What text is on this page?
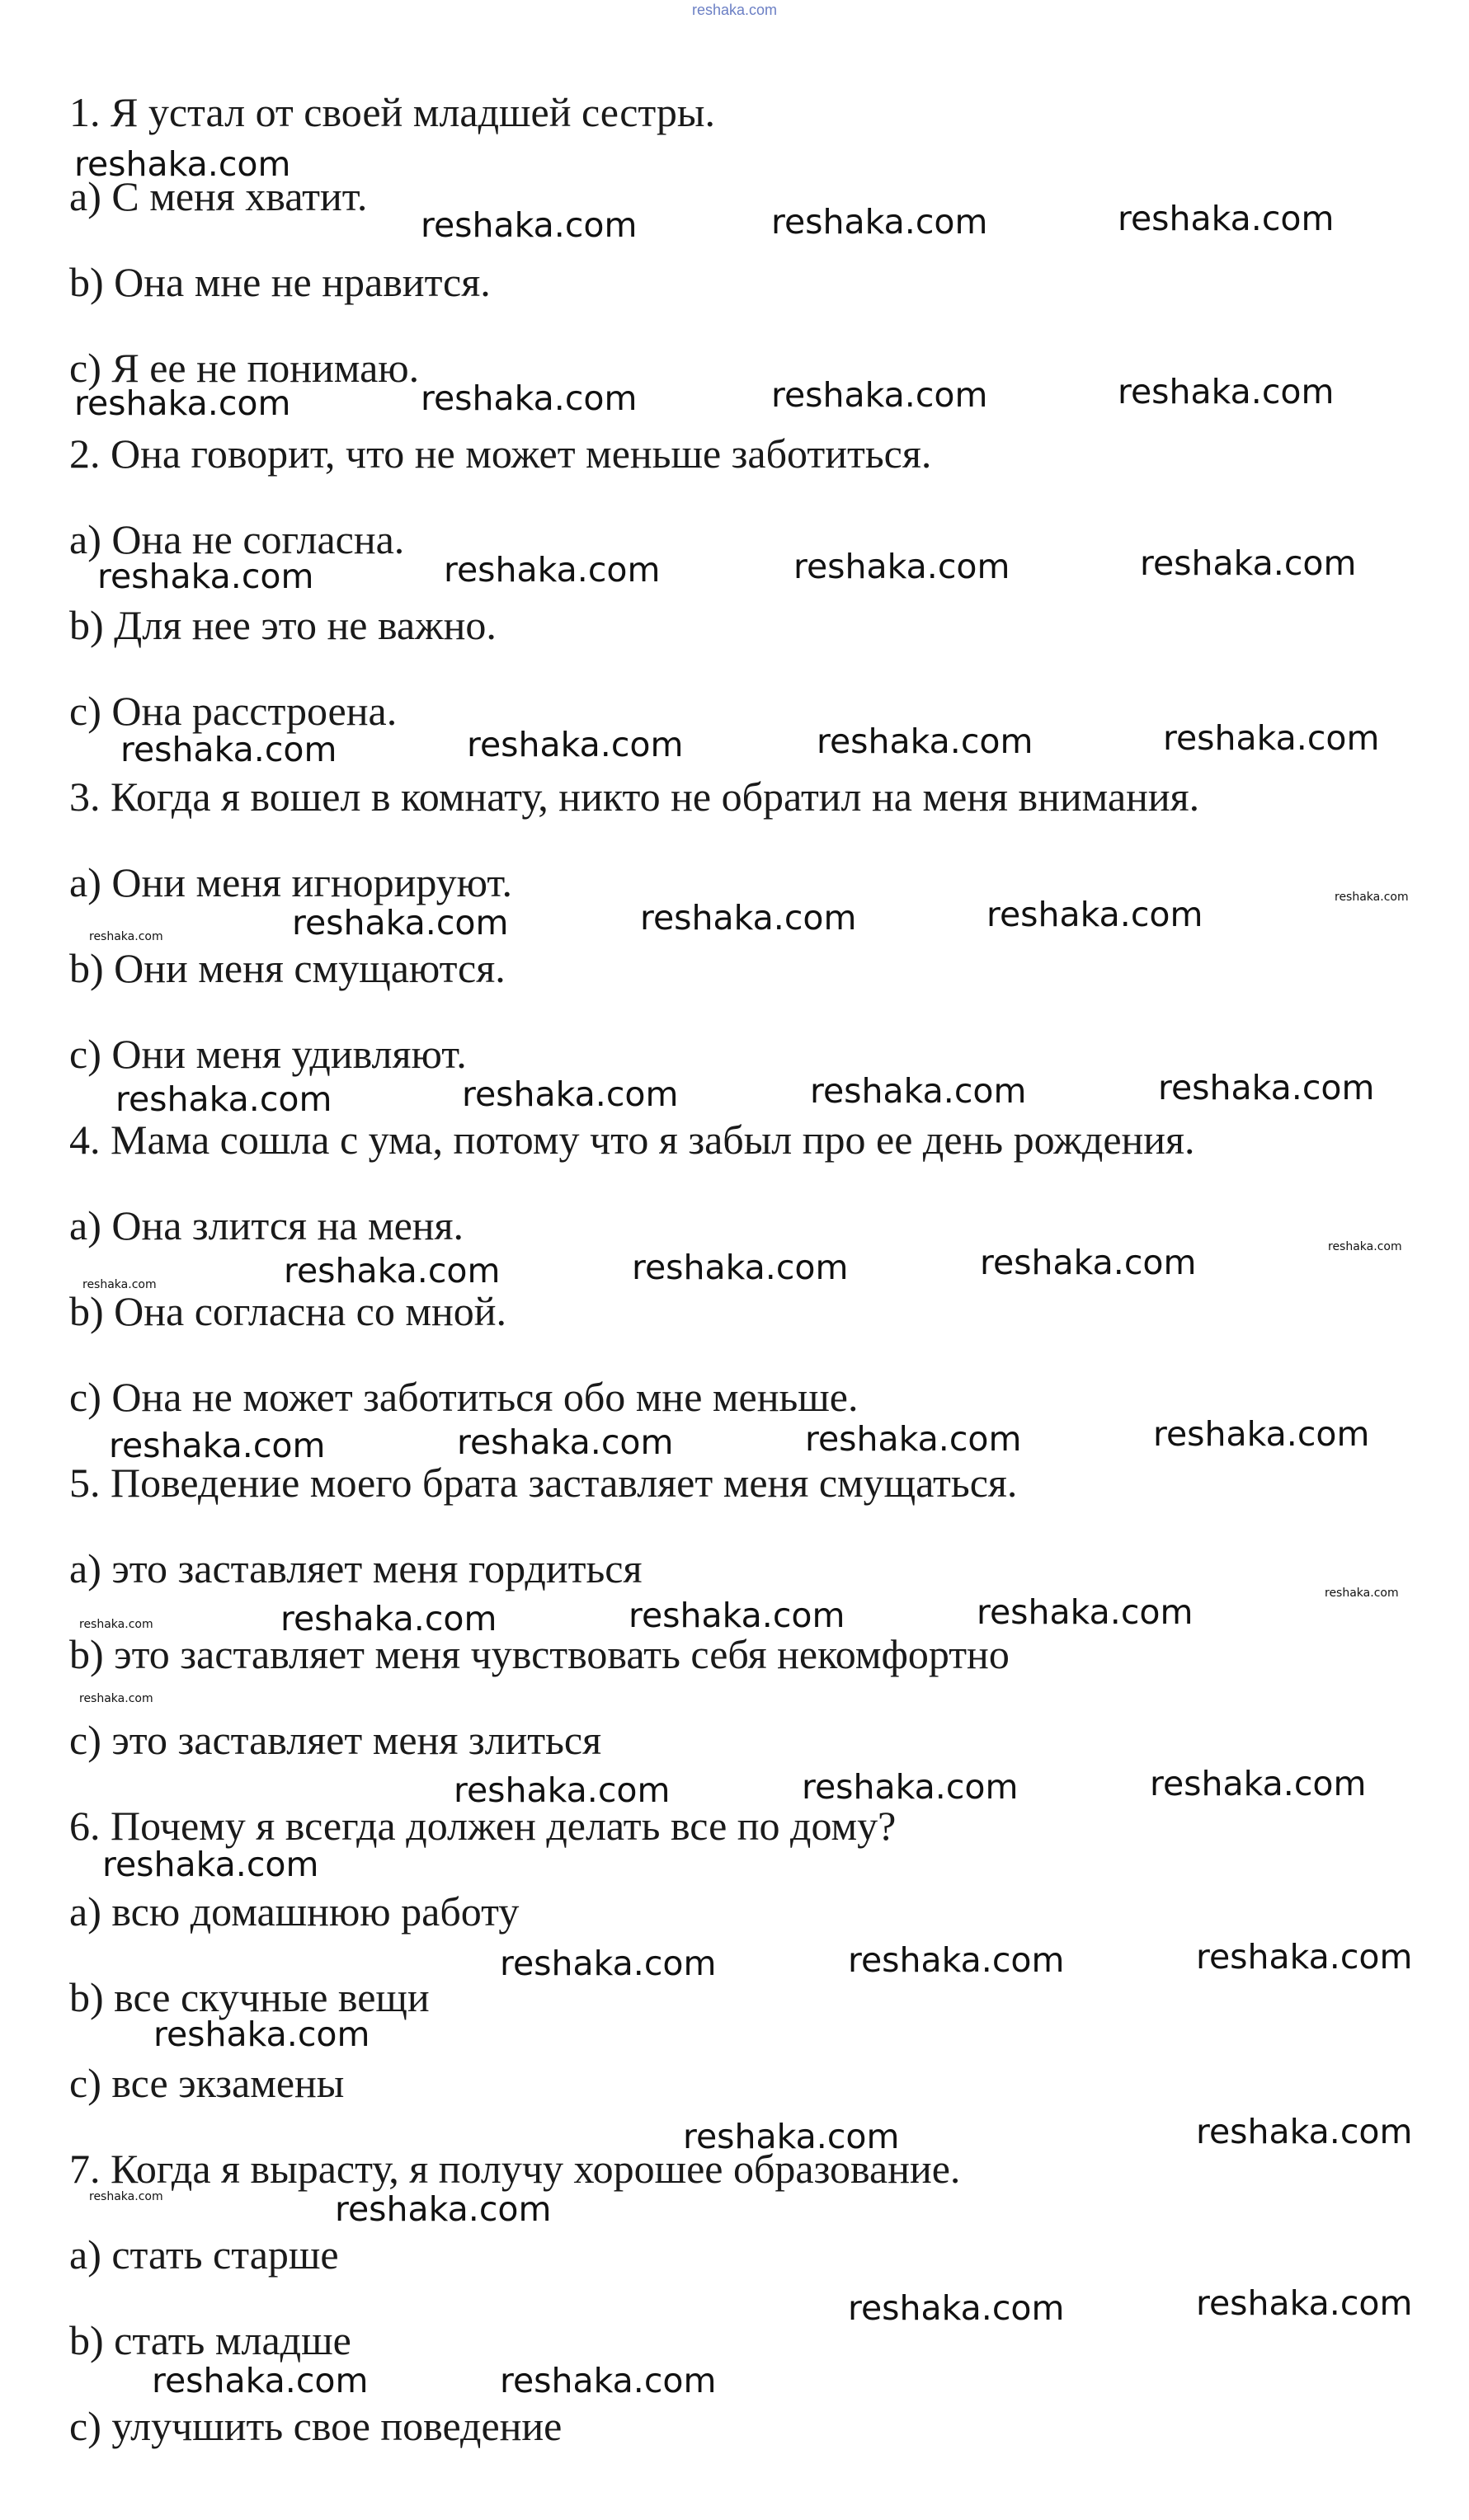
reshaka.com
1. Я устал от своей младшей сестры.
а) С меня хватит.
b) Она мне не нравится.
c) Я ее не понимаю.
2. Она говорит, что не может меньше заботиться.
а) Она не согласна.
b) Для нее это не важно.
c) Она расстроена.
3. Когда я вошел в комнату, никто не обратил на меня внимания.
а) Они меня игнорируют.
b) Они меня смущаются.
c) Они меня удивляют.
4. Мама сошла с ума, потому что я забыл про ее день рождения.
а) Она злится на меня.
b) Она согласна со мной.
c) Она не может заботиться обо мне меньше.
5. Поведение моего брата заставляет меня смущаться.
а) это заставляет меня гордиться
b) это заставляет меня чувствовать себя некомфортно
c) это заставляет меня злиться
6. Почему я всегда должен делать все по дому?
а) всю домашнюю работу
b) все скучные вещи
c) все экзамены
7. Когда я вырасту, я получу хорошее образование.
а) стать старше
b) стать младше
c) улучшить свое поведение
reshaka.com
reshaka.com	reshaka.com	reshaka.com
reshaka.com	reshaka.com	reshaka.com	reshaka.com
reshaka.com	reshaka.com	reshaka.com	reshaka.com
reshaka.com	reshaka.com	reshaka.com	reshaka.com
reshaka.com	reshaka.com	reshaka.com	reshaka.com	reshaka.com
reshaka.com	reshaka.com	reshaka.com	reshaka.com
reshaka.com	reshaka.com	reshaka.com	reshaka.com	reshaka.com
reshaka.com	reshaka.com	reshaka.com	reshaka.com
reshaka.com	reshaka.com	reshaka.com	reshaka.com	reshaka.com
reshaka.com
reshaka.com	reshaka.com	reshaka.com
reshaka.com
reshaka.com	reshaka.com	reshaka.com
reshaka.com
reshaka.com	reshaka.com
reshaka.com	reshaka.com
reshaka.com	reshaka.com
reshaka.com	reshaka.com
